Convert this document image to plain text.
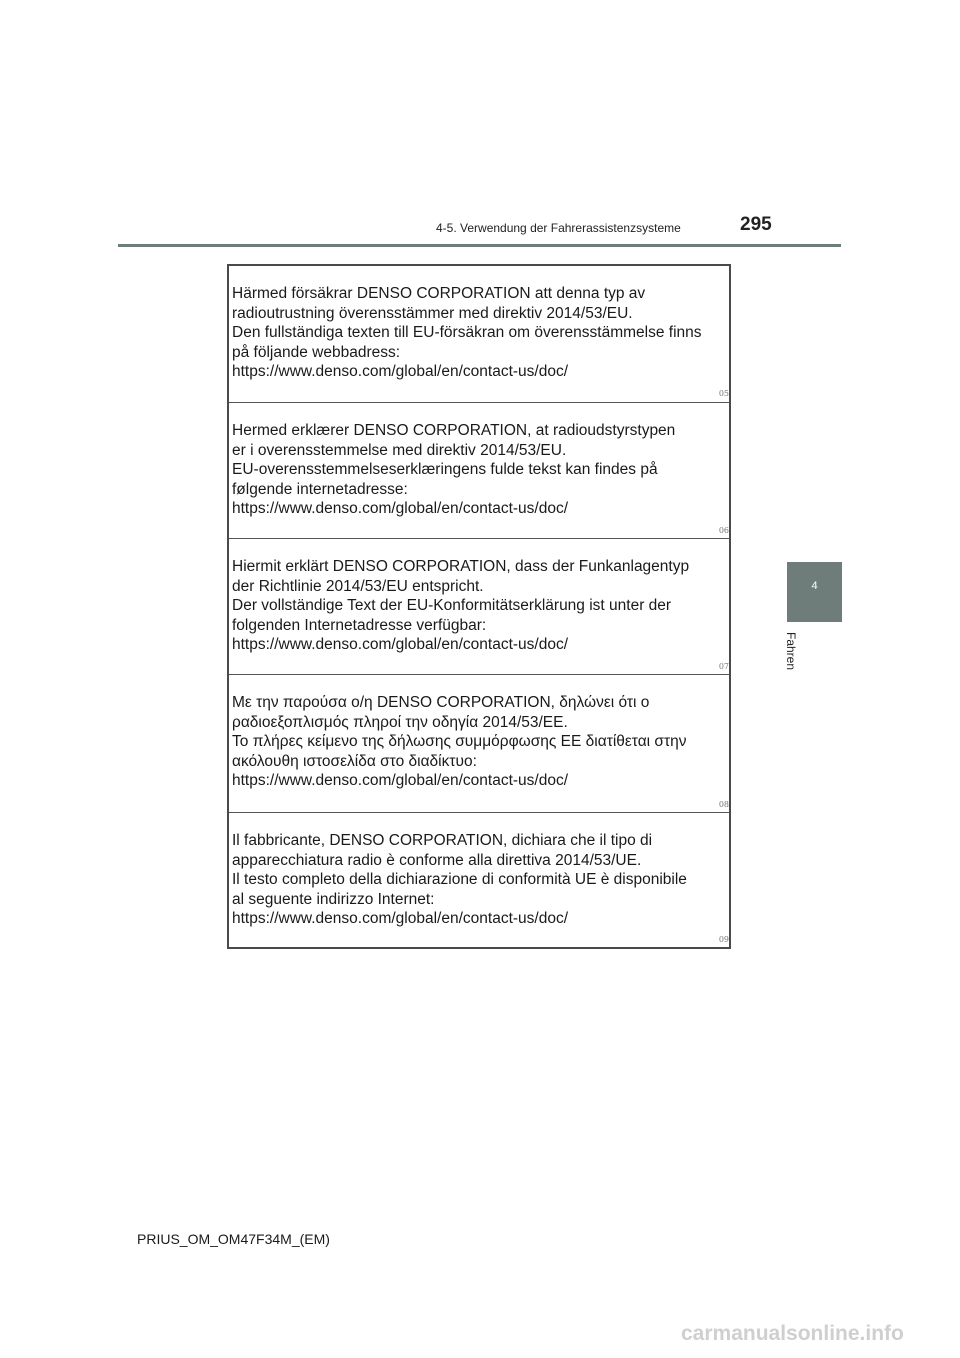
4-5. Verwendung der Fahrerassistenzsysteme	295
4
Fahren
Härmed försäkrar DENSO CORPORATION att denna typ av
radioutrustning överensstämmer med direktiv 2014/53/EU.
Den fullständiga texten till EU-försäkran om överensstämmelse finns
på följande webbadress:
https://www.denso.com/global/en/contact-us/doc/
05
Hermed erklærer DENSO CORPORATION, at radioudstyrstypen
er i overensstemmelse med direktiv 2014/53/EU.
EU-overensstemmelseserklæringens fulde tekst kan findes på
følgende internetadresse:
https://www.denso.com/global/en/contact-us/doc/
06
Hiermit erklärt DENSO CORPORATION, dass der Funkanlagentyp
der Richtlinie 2014/53/EU entspricht.
Der vollständige Text der EU-Konformitätserklärung ist unter der
folgenden Internetadresse verfügbar:
https://www.denso.com/global/en/contact-us/doc/
07
Με την παρούσα ο/η DENSO CORPORATION, δηλώνει ότι ο
ραδιοεξοπλισμός πληροί την οδηγία 2014/53/ΕΕ.
Το πλήρες κείμενο της δήλωσης συμμόρφωσης ΕΕ διατίθεται στην
ακόλουθη ιστοσελίδα στο διαδίκτυο:
https://www.denso.com/global/en/contact-us/doc/
08
Il fabbricante, DENSO CORPORATION, dichiara che il tipo di
apparecchiatura radio è conforme alla direttiva 2014/53/UE.
Il testo completo della dichiarazione di conformità UE è disponibile
al seguente indirizzo Internet:
https://www.denso.com/global/en/contact-us/doc/
09
PRIUS_OM_OM47F34M_(EM)
carmanualsonline.info
